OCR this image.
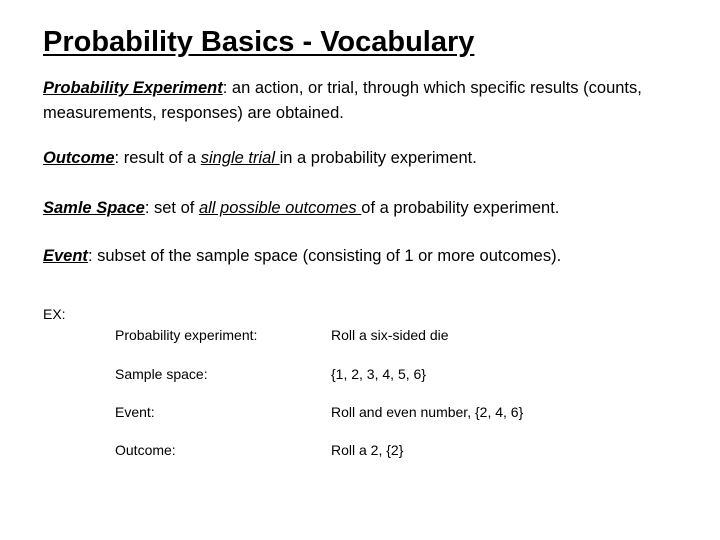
Probability Basics - Vocabulary
Probability Experiment: an action, or trial, through which specific results (counts, measurements, responses) are obtained.
Outcome: result of a single trial in a probability experiment.
Samle Space: set of all possible outcomes of a probability experiment.
Event: subset of the sample space (consisting of 1 or more outcomes).
EX:
Probability experiment:	Roll a six-sided die
Sample space:	{1, 2, 3, 4, 5, 6}
Event:	Roll and even number, {2, 4, 6}
Outcome:	Roll a 2, {2}
